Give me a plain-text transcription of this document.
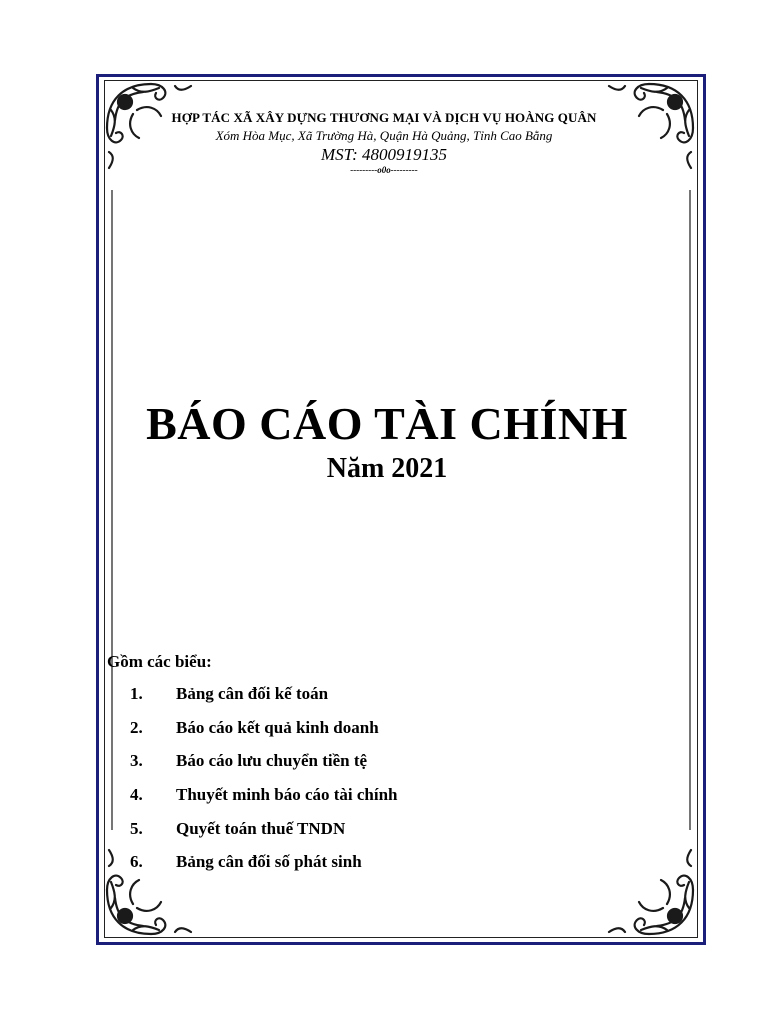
HỢP TÁC XÃ XÂY DỰNG THƯƠNG MẠI VÀ DỊCH VỤ HOÀNG QUÂN
Xóm Hòa Mục, Xã Trường Hà, Quận Hà Quảng, Tỉnh Cao Bằng
MST: 4800919135
---------o0o---------
BÁO CÁO TÀI CHÍNH
Năm 2021
Gồm các biểu:
1. Bảng cân đối kế toán
2. Báo cáo kết quả kinh doanh
3. Báo cáo lưu chuyển tiền tệ
4. Thuyết minh báo cáo tài chính
5. Quyết toán thuế TNDN
6. Bảng cân đối số phát sinh
